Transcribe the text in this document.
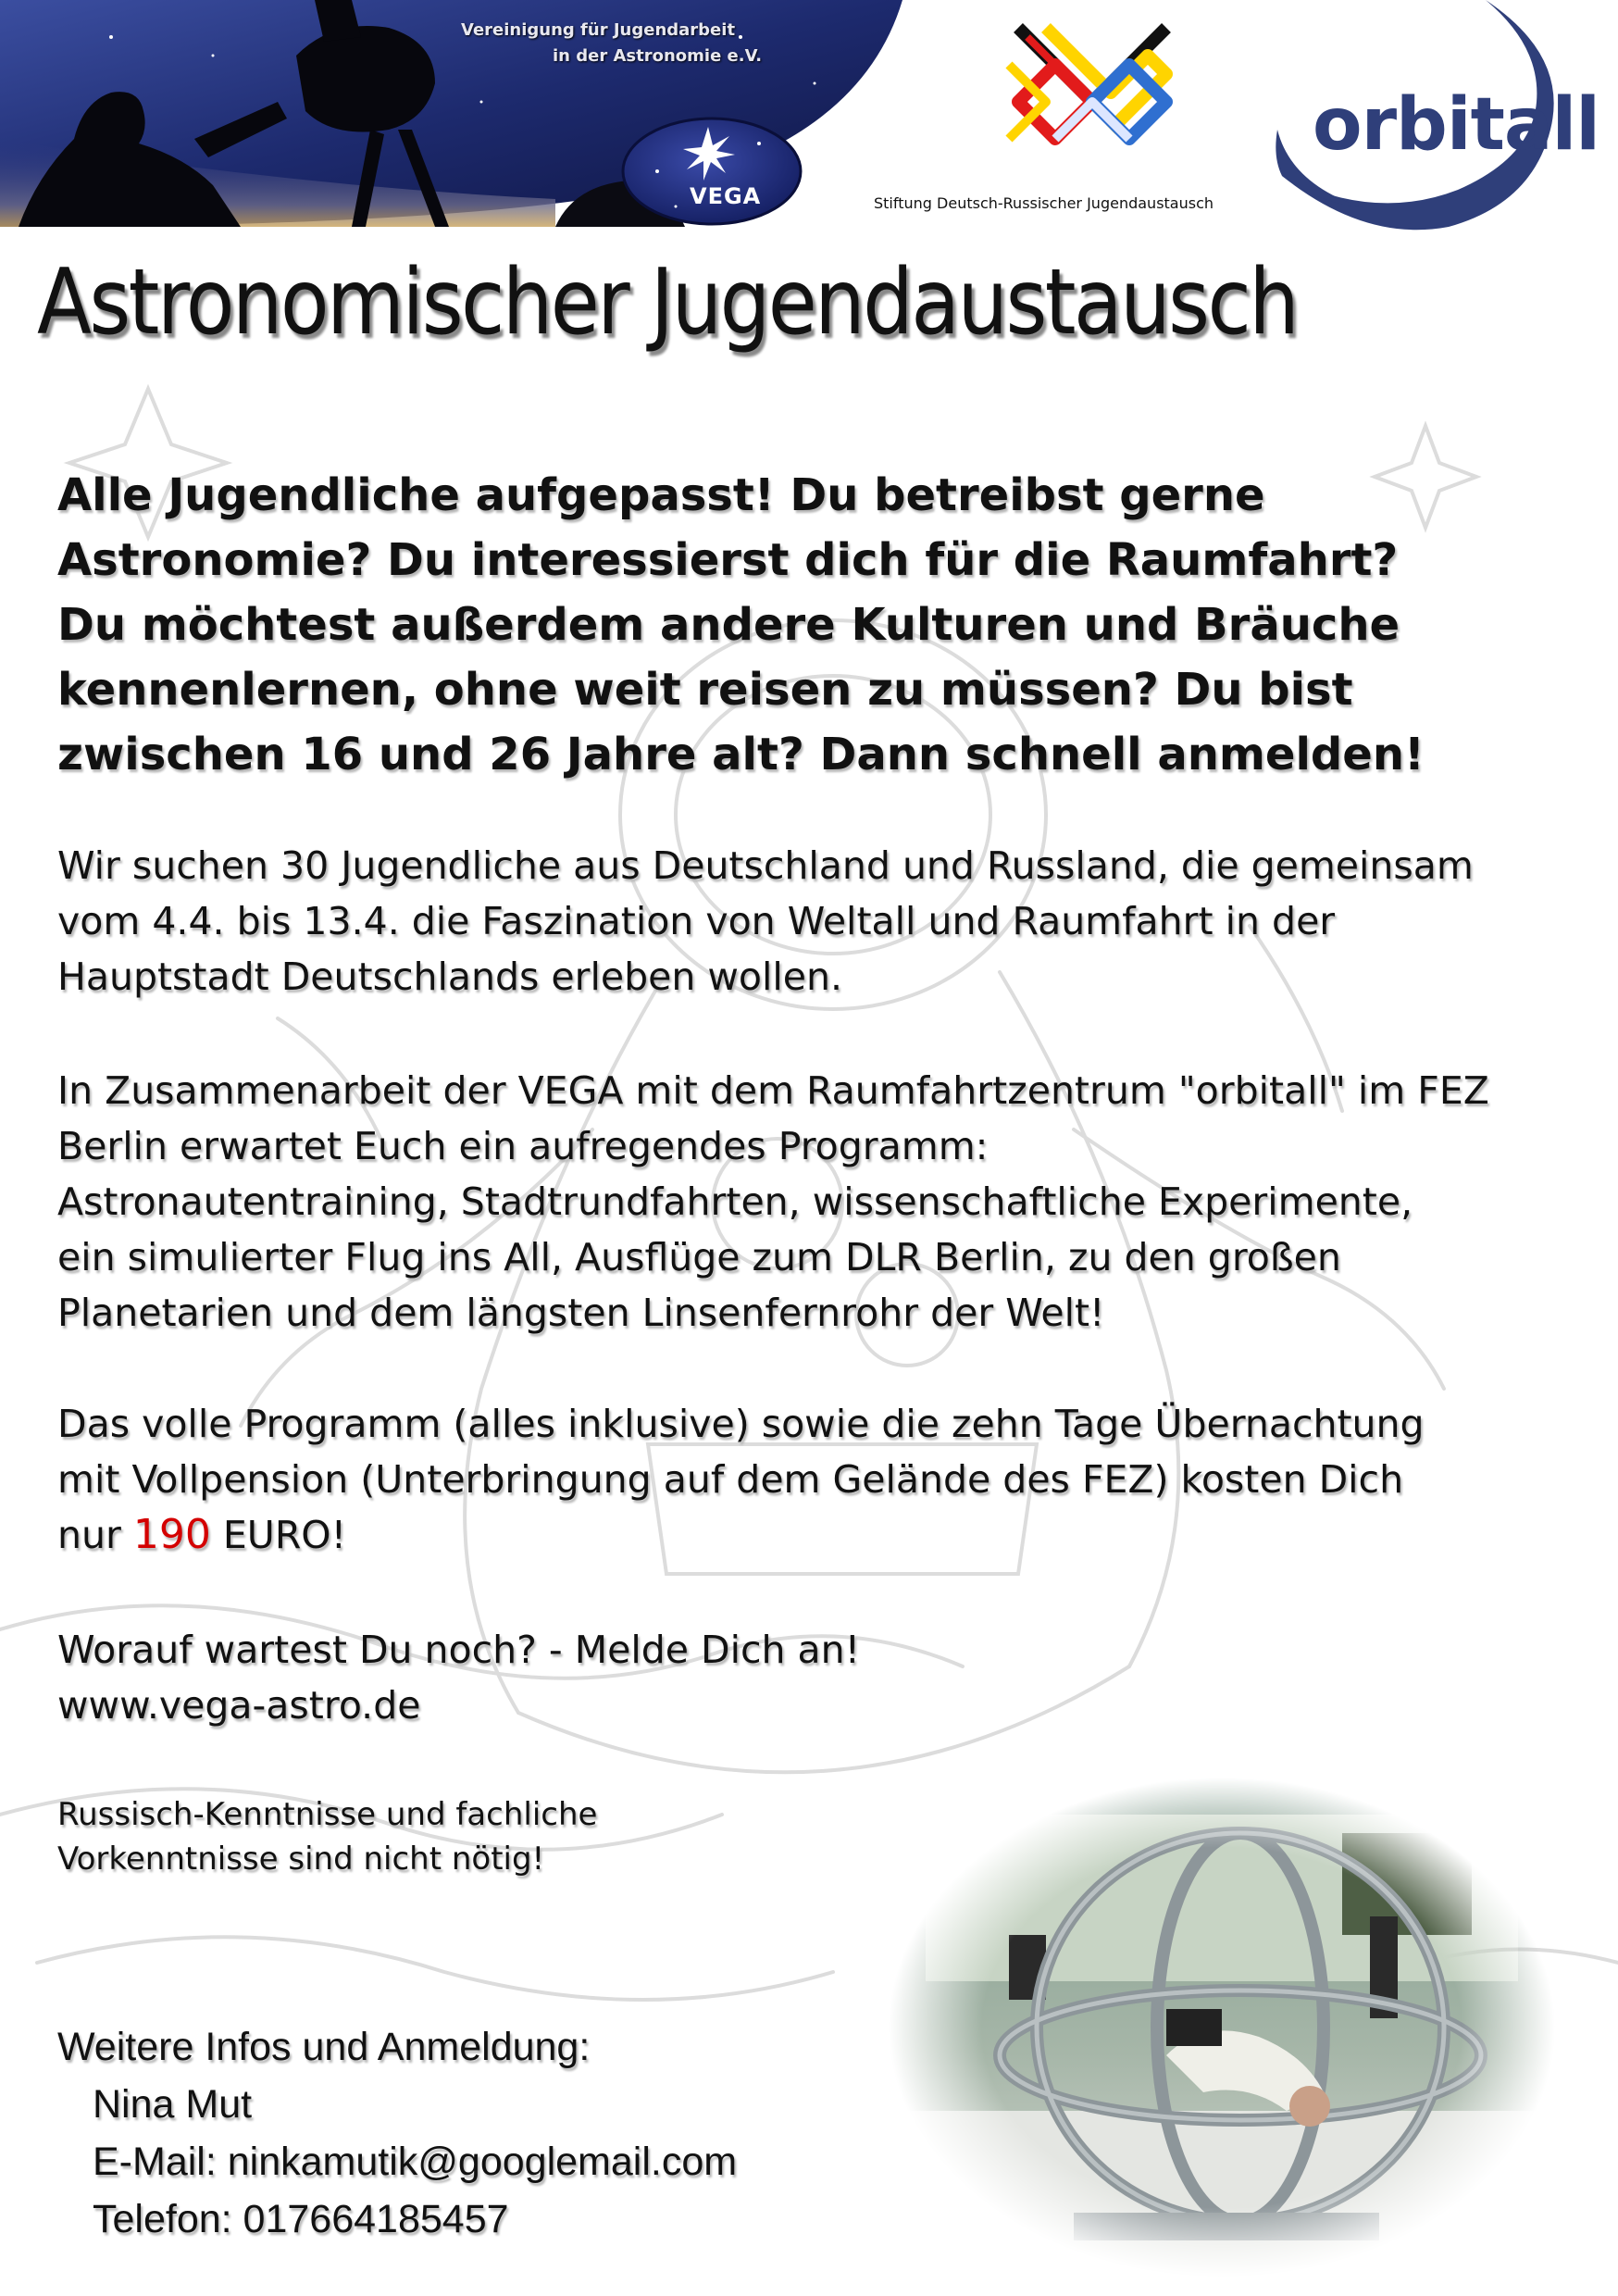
Vereinigung für Jugendarbeit
in der Astronomie e.V.
VEGA	Stiftung Deutsch-Russischer Jugendaustausch
orbitall
Astronomischer Jugendaustausch
Alle Jugendliche aufgepasst! Du betreibst gerne
Astronomie? Du interessierst dich für die Raumfahrt?
Du möchtest außerdem andere Kulturen und Bräuche
kennenlernen, ohne weit reisen zu müssen? Du bist
zwischen 16 und 26 Jahre alt? Dann schnell anmelden!
Wir suchen 30 Jugendliche aus Deutschland und Russland, die gemeinsam
vom 4.4. bis 13.4. die Faszination von Weltall und Raumfahrt in der
Hauptstadt Deutschlands erleben wollen.
In Zusammenarbeit der VEGA mit dem Raumfahrtzentrum "orbitall" im FEZ
Berlin erwartet Euch ein aufregendes Programm:
Astronautentraining, Stadtrundfahrten, wissenschaftliche Experimente,
ein simulierter Flug ins All, Ausflüge zum DLR Berlin, zu den großen
Planetarien und dem längsten Linsenfernrohr der Welt!
Das volle Programm (alles inklusive) sowie die zehn Tage Übernachtung
mit Vollpension (Unterbringung auf dem Gelände des FEZ) kosten Dich
nur 190 EURO!
Worauf wartest Du noch? - Melde Dich an!
www.vega-astro.de
Russisch-Kenntnisse und fachliche
Vorkenntnisse sind nicht nötig!
Weitere Infos und Anmeldung:
Nina Mut
E-Mail: ninkamutik@googlemail.com
Telefon: 017664185457
